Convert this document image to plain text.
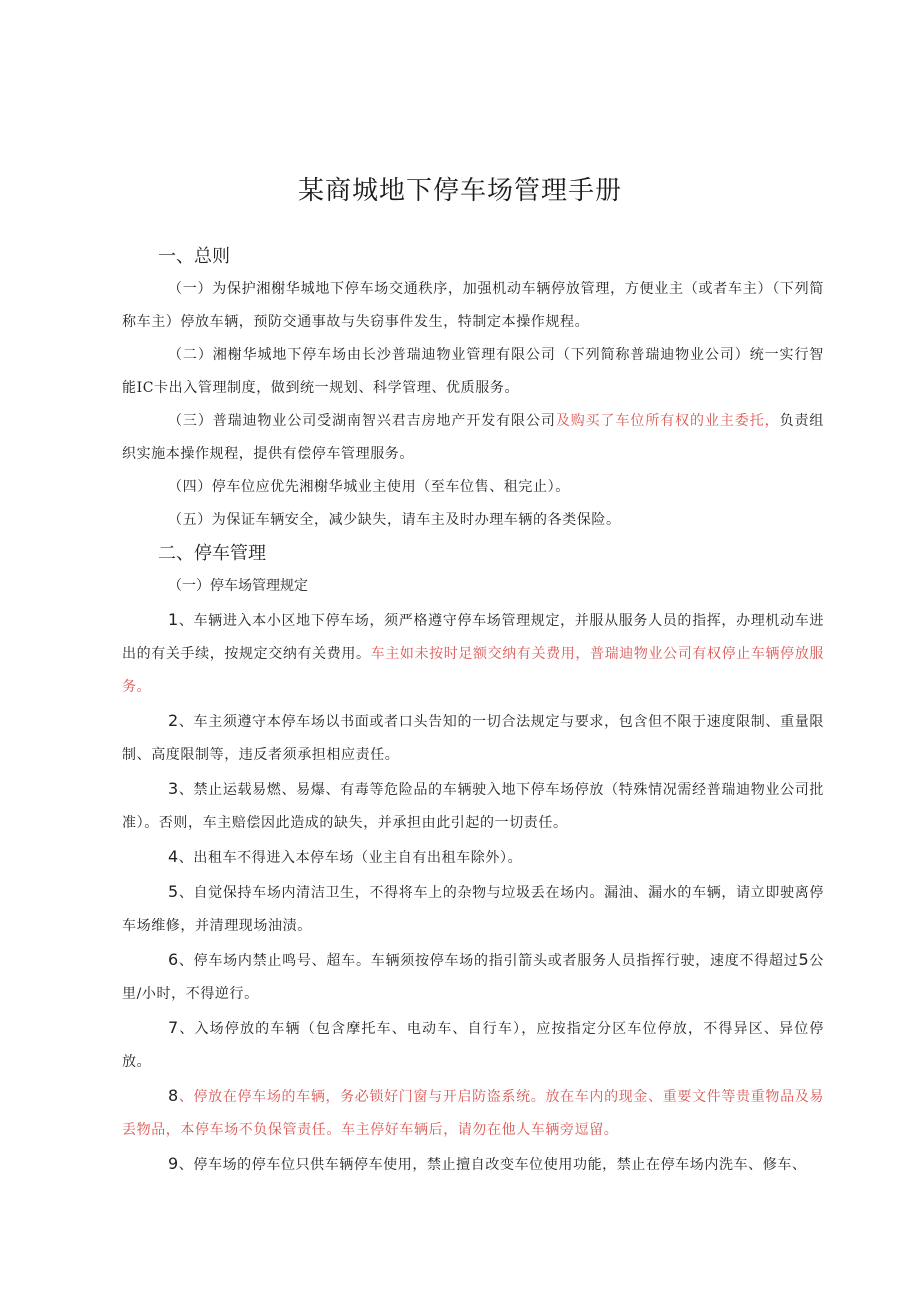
某商城地下停车场管理手册

一、总则

（一）为保护湘榭华城地下停车场交通秩序，加强机动车辆停放管理，方便业主（或者车主）（下列简称车主）停放车辆，预防交通事故与失窃事件发生，特制定本操作规程。

（二）湘榭华城地下停车场由长沙普瑞迪物业管理有限公司（下列简称普瑞迪物业公司）统一实行智能IC卡出入管理制度，做到统一规划、科学管理、优质服务。

（三）普瑞迪物业公司受湖南智兴君吉房地产开发有限公司及购买了车位所有权的业主委托，负责组织实施本操作规程，提供有偿停车管理服务。

（四）停车位应优先湘榭华城业主使用（至车位售、租完止）。

（五）为保证车辆安全，减少缺失，请车主及时办理车辆的各类保险。

二、停车管理

（一）停车场管理规定

1、车辆进入本小区地下停车场，须严格遵守停车场管理规定，并服从服务人员的指挥，办理机动车进出的有关手续，按规定交纳有关费用。车主如未按时足额交纳有关费用，普瑞迪物业公司有权停止车辆停放服务。

2、车主须遵守本停车场以书面或者口头告知的一切合法规定与要求，包含但不限于速度限制、重量限制、高度限制等，违反者须承担相应责任。

3、禁止运载易燃、易爆、有毒等危险品的车辆驶入地下停车场停放（特殊情况需经普瑞迪物业公司批准）。否则，车主赔偿因此造成的缺失，并承担由此引起的一切责任。

4、出租车不得进入本停车场（业主自有出租车除外）。

5、自觉保持车场内清洁卫生，不得将车上的杂物与垃圾丢在场内。漏油、漏水的车辆，请立即驶离停车场维修，并清理现场油渍。

6、停车场内禁止鸣号、超车。车辆须按停车场的指引箭头或者服务人员指挥行驶，速度不得超过5公里/小时，不得逆行。

7、入场停放的车辆（包含摩托车、电动车、自行车），应按指定分区车位停放，不得异区、异位停放。

8、停放在停车场的车辆，务必锁好门窗与开启防盗系统。放在车内的现金、重要文件等贵重物品及易丢物品，本停车场不负保管责任。车主停好车辆后，请勿在他人车辆旁逗留。

9、停车场的停车位只供车辆停车使用，禁止擅自改变车位使用功能，禁止在停车场内洗车、修车、
